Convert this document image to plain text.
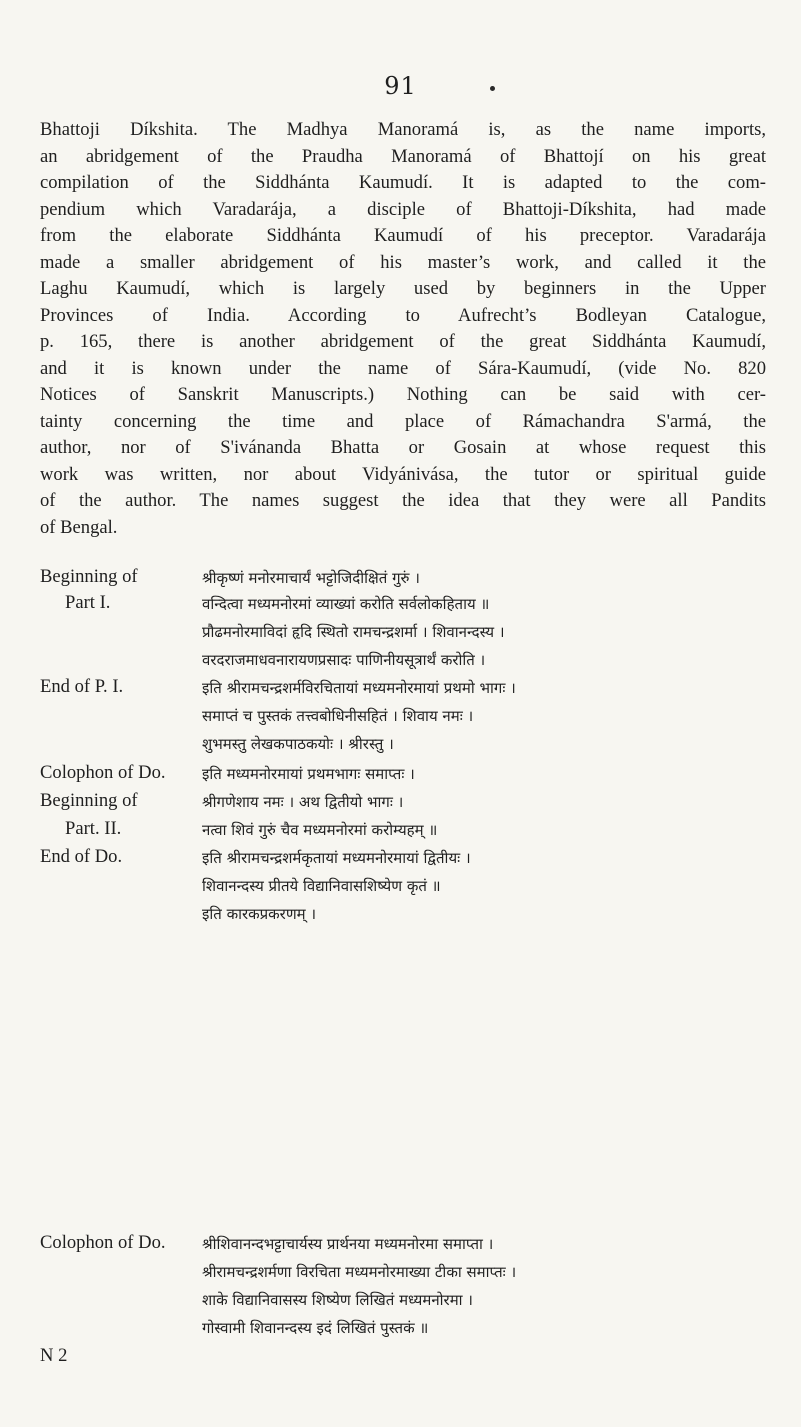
91
Bhattoji Díkshita. The Madhya Manoramá is, as the name imports,
an abridgement of the Praudha Manoramá of Bhattojí on his great
compilation of the Siddhánta Kaumudí. It is adapted to the com-
pendium which Varadarája, a disciple of Bhattoji-Díkshita, had made
from the elaborate Siddhánta Kaumudí of his preceptor. Varadarája
made a smaller abridgement of his master’s work, and called it the
Laghu Kaumudí, which is largely used by beginners in the Upper
Provinces of India. According to Aufrecht’s Bodleyan Catalogue,
p. 165, there is another abridgement of the great Siddhánta Kaumudí,
and it is known under the name of Sára-Kaumudí, (vide No. 820
Notices of Sanskrit Manuscripts.) Nothing can be said with cer-
tainty concerning the time and place of Rámachandra S'armá, the
author, nor of S'ivánanda Bhatta or Gosain at whose request this
work was written, nor about Vidyánivása, the tutor or spiritual guide
of the author. The names suggest the idea that they were all Pandits
of Bengal.
Beginning of	श्रीकृष्णं मनोरमाचार्यं भट्टोजिदीक्षितं गुरुं ।
Part I.	वन्दित्वा मध्यमनोरमां व्याख्यां करोति सर्वलोकहिताय ॥
प्रौढमनोरमाविदां हृदि स्थितो रामचन्द्रशर्मा । शिवानन्दस्य ।
वरदराजमाधवनारायणप्रसादः पाणिनीयसूत्रार्थं करोति ।
End of P. I.	इति श्रीरामचन्द्रशर्मविरचितायां मध्यमनोरमायां प्रथमो भागः ।
समाप्तं च पुस्तकं तत्त्वबोधिनीसहितं । शिवाय नमः ।
शुभमस्तु लेखकपाठकयोः । श्रीरस्तु ।
Colophon of Do. इति मध्यमनोरमायां प्रथमभागः समाप्तः ।
Beginning of	श्रीगणेशाय नमः । अथ द्वितीयो भागः ।
Part. II.	नत्वा शिवं गुरुं चैव मध्यमनोरमां करोम्यहम् ॥
End of Do.	इति श्रीरामचन्द्रशर्मकृतायां मध्यमनोरमायां द्वितीयः ।
शिवानन्दस्य प्रीतये विद्यानिवासशिष्येण कृतं ॥
इति कारकप्रकरणम् ।
Colophon of Do. श्रीशिवानन्दभट्टाचार्यस्य प्रार्थनया मध्यमनोरमा समाप्ता ।
श्रीरामचन्द्रशर्मणा विरचिता मध्यमनोरमाख्या टीका समाप्तः ।
शाके विद्यानिवासस्य शिष्येण लिखितं मध्यमनोरमा ।
गोस्वामी शिवानन्दस्य इदं लिखितं पुस्तकं ॥
N 2
